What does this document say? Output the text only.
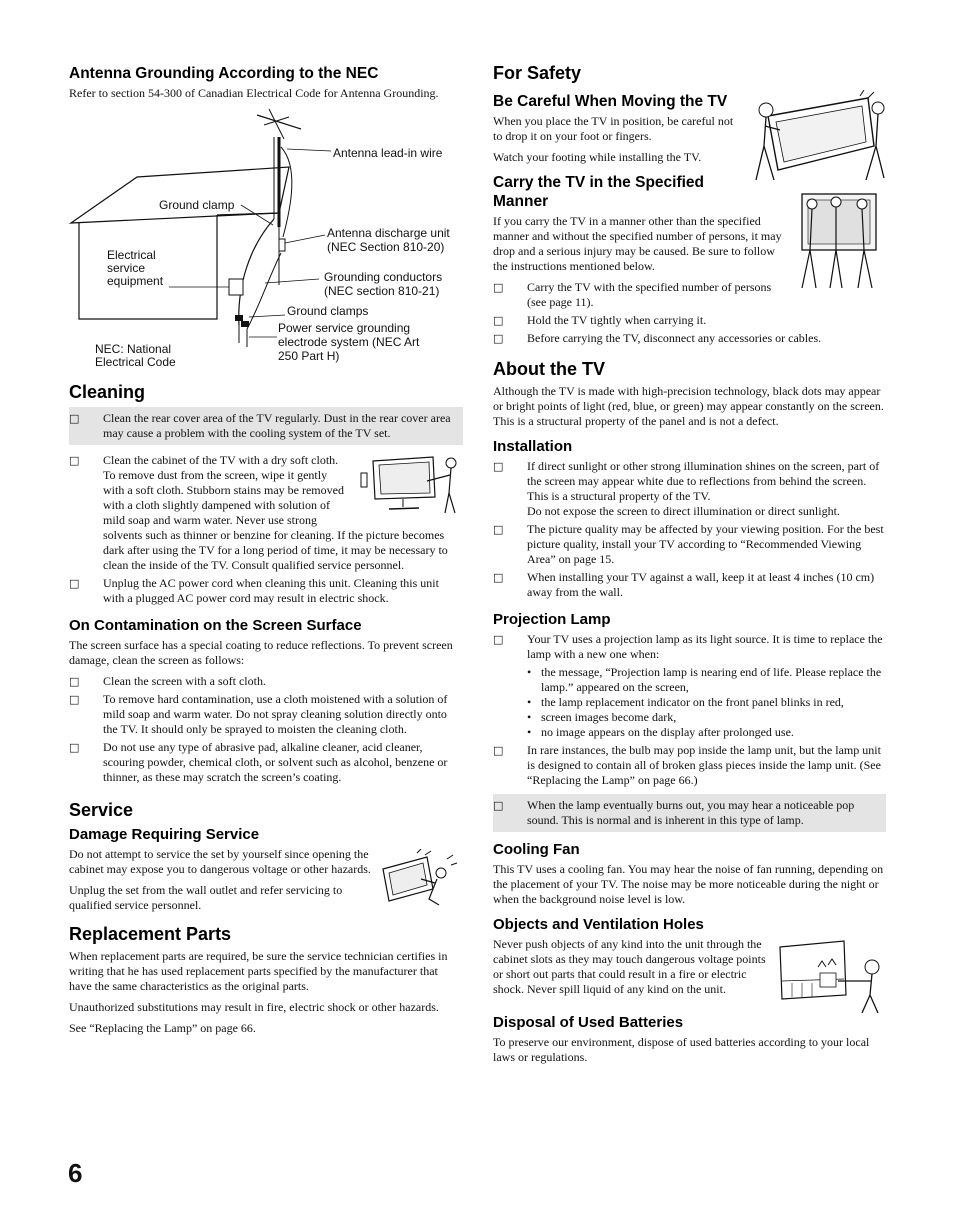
Antenna Grounding According to the NEC

Refer to section 54-300 of Canadian Electrical Code for Antenna Grounding.

Antenna lead-in wire
Ground clamp
Antenna discharge unit
(NEC Section 810-20)
Electrical
service
equipment	Grounding conductors
(NEC section 810-21)
Ground clamps
Power service grounding
electrode system (NEC Art
250 Part H)
NEC: National
Electrical Code
Cleaning
□ Clean the rear cover area of the TV regularly. Dust in the rear cover area may cause a problem with the cooling system of the TV set.
□ Clean the cabinet of the TV with a dry soft cloth. To remove dust from the screen, wipe it gently with a soft cloth. Stubborn stains may be removed with a cloth slightly dampened with solution of mild soap and warm water. Never use strong solvents such as thinner or benzine for cleaning. If the picture becomes dark after using the TV for a long period of time, it may be necessary to clean the inside of the TV. Consult qualified service personnel.
□ Unplug the AC power cord when cleaning this unit. Cleaning this unit with a plugged AC power cord may result in electric shock.
On Contamination on the Screen Surface

The screen surface has a special coating to reduce reflections. To prevent screen damage, clean the screen as follows:

□ Clean the screen with a soft cloth.
□ To remove hard contamination, use a cloth moistened with a solution of mild soap and warm water. Do not spray cleaning solution directly onto the TV. It should only be sprayed to moisten the cleaning cloth.
□ Do not use any type of abrasive pad, alkaline cleaner, acid cleaner, scouring powder, chemical cloth, or solvent such as alcohol, benzene or thinner, as these may scratch the screen’s coating.
Service
Damage Requiring Service

Do not attempt to service the set by yourself since opening the cabinet may expose you to dangerous voltage or other hazards.

Unplug the set from the wall outlet and refer servicing to qualified service personnel.

Replacement Parts

When replacement parts are required, be sure the service technician certifies in writing that he has used replacement parts specified by the manufacturer that have the same characteristics as the original parts.

Unauthorized substitutions may result in fire, electric shock or other hazards.

See “Replacing the Lamp” on page 66.

For Safety
Be Careful When Moving the TV

When you place the TV in position, be careful not to drop it on your foot or fingers.

Watch your footing while installing the TV.

Carry the TV in the Specified Manner

If you carry the TV in a manner other than the specified manner and without the specified number of persons, it may drop and a serious injury may be caused. Be sure to follow the instructions mentioned below.

□ Carry the TV with the specified number of persons (see page 11).
□ Hold the TV tightly when carrying it.
□ Before carrying the TV, disconnect any accessories or cables.
About the TV

Although the TV is made with high-precision technology, black dots may appear or bright points of light (red, blue, or green) may appear constantly on the screen. This is a structural property of the panel and is not a defect.

Installation
□ If direct sunlight or other strong illumination shines on the screen, part of the screen may appear white due to reflections from behind the screen. This is a structural property of the TV.
Do not expose the screen to direct illumination or direct sunlight.
□ The picture quality may be affected by your viewing position. For the best picture quality, install your TV according to “Recommended Viewing Area” on page 15.
□ When installing your TV against a wall, keep it at least 4 inches (10 cm) away from the wall.
Projection Lamp
□ Your TV uses a projection lamp as its light source. It is time to replace the lamp with a new one when:
• the message, “Projection lamp is nearing end of life. Please replace the lamp.” appeared on the screen,
• the lamp replacement indicator on the front panel blinks in red,
• screen images become dark,
• no image appears on the display after prolonged use.
□ In rare instances, the bulb may pop inside the lamp unit, but the lamp unit is designed to contain all of broken glass pieces inside the lamp unit. (See “Replacing the Lamp” on page 66.)
□ When the lamp eventually burns out, you may hear a noticeable pop sound. This is normal and is inherent in this type of lamp.
Cooling Fan

This TV uses a cooling fan. You may hear the noise of fan running, depending on the placement of your TV. The noise may be more noticeable during the night or when the background noise level is low.

Objects and Ventilation Holes

Never push objects of any kind into the unit through the cabinet slots as they may touch dangerous voltage points or short out parts that could result in a fire or electric shock. Never spill liquid of any kind on the unit.

Disposal of Used Batteries

To preserve our environment, dispose of used batteries according to your local laws or regulations.

6
